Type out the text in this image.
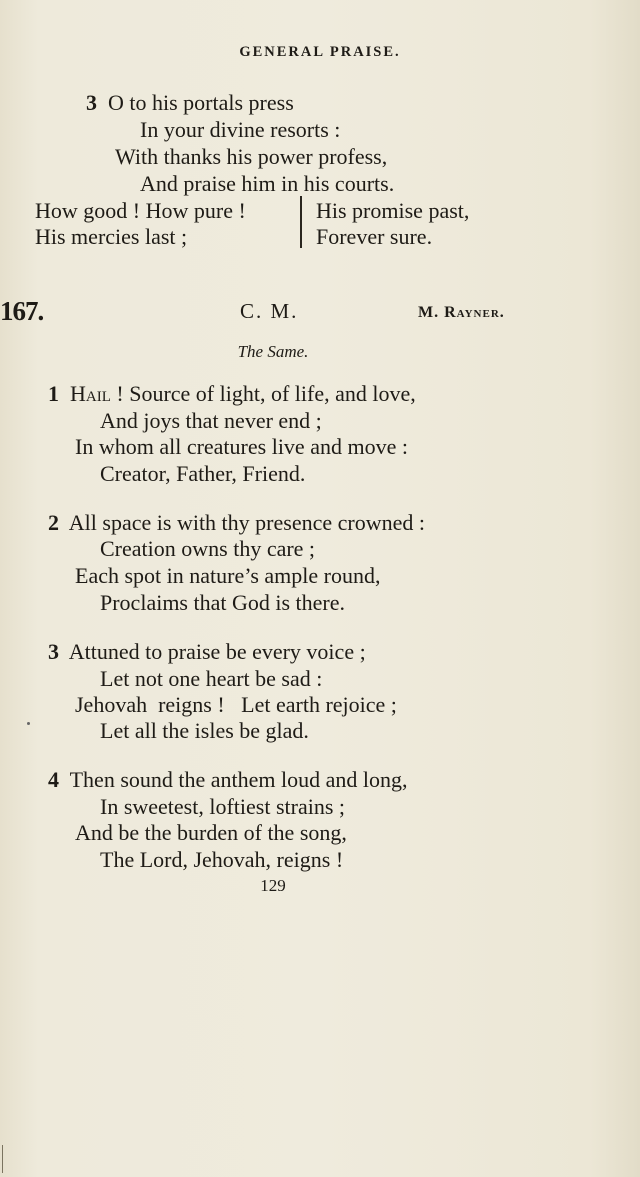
GENERAL PRAISE.
3 O to his portals press
In your divine resorts :
With thanks his power profess,
And praise him in his courts.
How good ! How pure !
His mercies last ;
His promise past,
Forever sure.
167.	C. M.	M. Rayner.
The Same.
1 Hail ! Source of light, of life, and love,
And joys that never end ;
In whom all creatures live and move :
Creator, Father, Friend.
2 All space is with thy presence crowned :
Creation owns thy care ;
Each spot in nature’s ample round,
Proclaims that God is there.
3 Attuned to praise be every voice ;
Let not one heart be sad :
Jehovah  reigns !   Let earth rejoice ;
Let all the isles be glad.
4 Then sound the anthem loud and long,
In sweetest, loftiest strains ;
And be the burden of the song,
The Lord, Jehovah, reigns !
129
